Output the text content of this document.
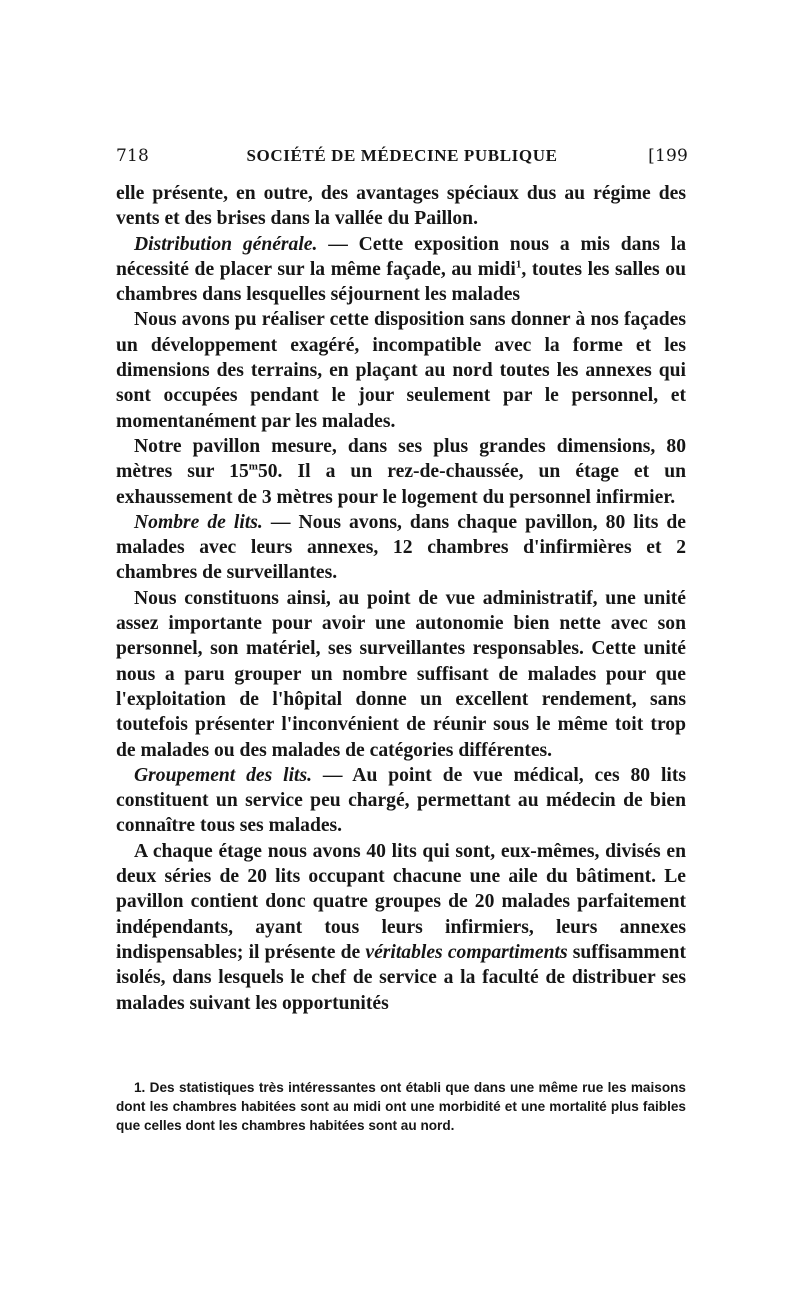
718	SOCIÉTÉ DE MÉDECINE PUBLIQUE	[199

elle présente, en outre, des avantages spéciaux dus au régime des vents et des brises dans la vallée du Paillon.

Distribution générale. — Cette exposition nous a mis dans la nécessité de placer sur la même façade, au midi$^1$, toutes les salles ou chambres dans lesquelles séjournent les malades

Nous avons pu réaliser cette disposition sans donner à nos façades un développement exagéré, incompatible avec la forme et les dimensions des terrains, en plaçant au nord toutes les annexes qui sont occupées pendant le jour seulement par le personnel, et momentanément par les malades.

Notre pavillon mesure, dans ses plus grandes dimensions, 80 mètres sur 15$^m$50. Il a un rez-de-chaussée, un étage et un exhaussement de 3 mètres pour le logement du personnel infirmier.

Nombre de lits. — Nous avons, dans chaque pavillon, 80 lits de malades avec leurs annexes, 12 chambres d'infirmières et 2 chambres de surveillantes.

Nous constituons ainsi, au point de vue administratif, une unité assez importante pour avoir une autonomie bien nette avec son personnel, son matériel, ses surveillantes responsables. Cette unité nous a paru grouper un nombre suffisant de malades pour que l'exploitation de l'hôpital donne un excellent rendement, sans toutefois présenter l'inconvénient de réunir sous le même toit trop de malades ou des malades de catégories différentes.

Groupement des lits. — Au point de vue médical, ces 80 lits constituent un service peu chargé, permettant au médecin de bien connaître tous ses malades.

A chaque étage nous avons 40 lits qui sont, eux-mêmes, divisés en deux séries de 20 lits occupant chacune une aile du bâtiment. Le pavillon contient donc quatre groupes de 20 malades parfaitement indépendants, ayant tous leurs infirmiers, leurs annexes indispensables; il présente de véritables compartiments suffisamment isolés, dans lesquels le chef de service a la faculté de distribuer ses malades suivant les opportunités

1. Des statistiques très intéressantes ont établi que dans une même rue les maisons dont les chambres habitées sont au midi ont une morbidité et une mortalité plus faibles que celles dont les chambres habitées sont au nord.
